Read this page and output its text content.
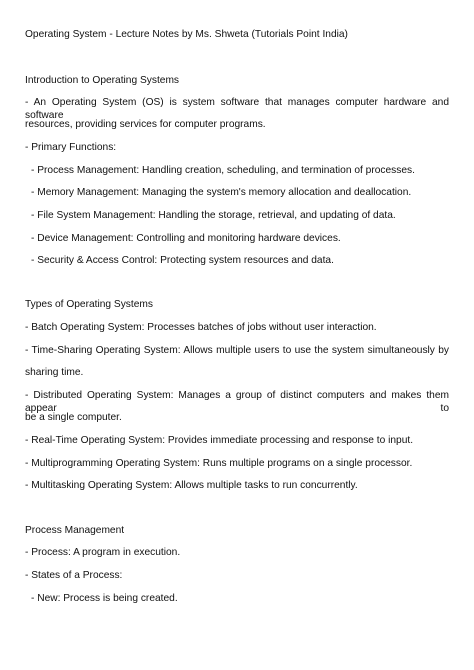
Operating System - Lecture Notes by Ms. Shweta (Tutorials Point India)
Introduction to Operating Systems
- An Operating System (OS) is system software that manages computer hardware and software
resources, providing services for computer programs.
- Primary Functions:
- Process Management: Handling creation, scheduling, and termination of processes.
- Memory Management: Managing the system's memory allocation and deallocation.
- File System Management: Handling the storage, retrieval, and updating of data.
- Device Management: Controlling and monitoring hardware devices.
- Security & Access Control: Protecting system resources and data.
Types of Operating Systems
- Batch Operating System: Processes batches of jobs without user interaction.
- Time-Sharing Operating System: Allows multiple users to use the system simultaneously by
sharing time.
- Distributed Operating System: Manages a group of distinct computers and makes them appear to
be a single computer.
- Real-Time Operating System: Provides immediate processing and response to input.
- Multiprogramming Operating System: Runs multiple programs on a single processor.
- Multitasking Operating System: Allows multiple tasks to run concurrently.
Process Management
- Process: A program in execution.
- States of a Process:
- New: Process is being created.
